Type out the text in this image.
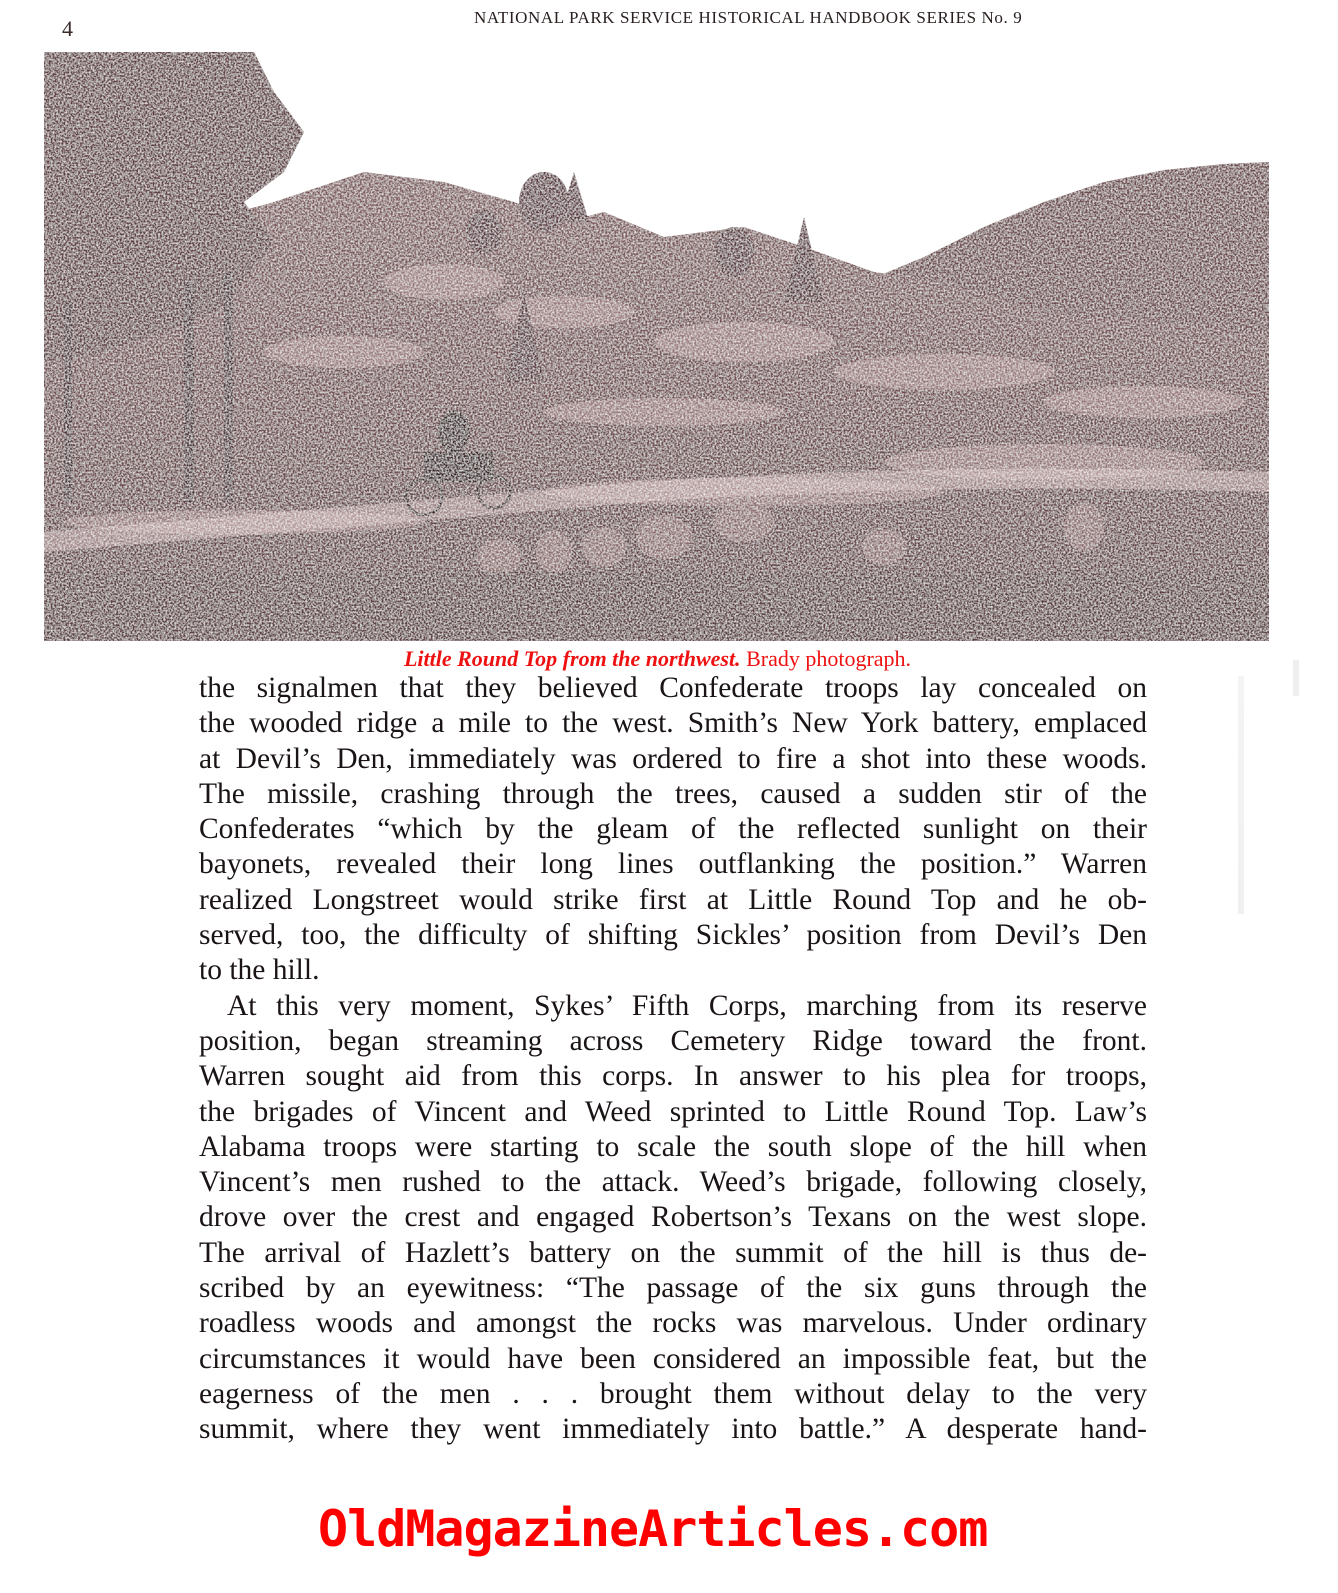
4	NATIONAL PARK SERVICE HISTORICAL HANDBOOK SERIES No. 9
Little Round Top from the northwest. Brady photograph.
the signalmen that they believed Confederate troops lay concealed on
the wooded ridge a mile to the west. Smith’s New York battery, emplaced
at Devil’s Den, immediately was ordered to fire a shot into these woods.
The missile, crashing through the trees, caused a sudden stir of the
Confederates “which by the gleam of the reflected sunlight on their
bayonets, revealed their long lines outflanking the position.” Warren
realized Longstreet would strike first at Little Round Top and he ob-
served, too, the difficulty of shifting Sickles’ position from Devil’s Den
to the hill.
At this very moment, Sykes’ Fifth Corps, marching from its reserve
position, began streaming across Cemetery Ridge toward the front.
Warren sought aid from this corps. In answer to his plea for troops,
the brigades of Vincent and Weed sprinted to Little Round Top. Law’s
Alabama troops were starting to scale the south slope of the hill when
Vincent’s men rushed to the attack. Weed’s brigade, following closely,
drove over the crest and engaged Robertson’s Texans on the west slope.
The arrival of Hazlett’s battery on the summit of the hill is thus de-
scribed by an eyewitness: “The passage of the six guns through the
roadless woods and amongst the rocks was marvelous. Under ordinary
circumstances it would have been considered an impossible feat, but the
eagerness of the men . . . brought them without delay to the very
summit, where they went immediately into battle.” A desperate hand-
OldMagazineArticles.com
